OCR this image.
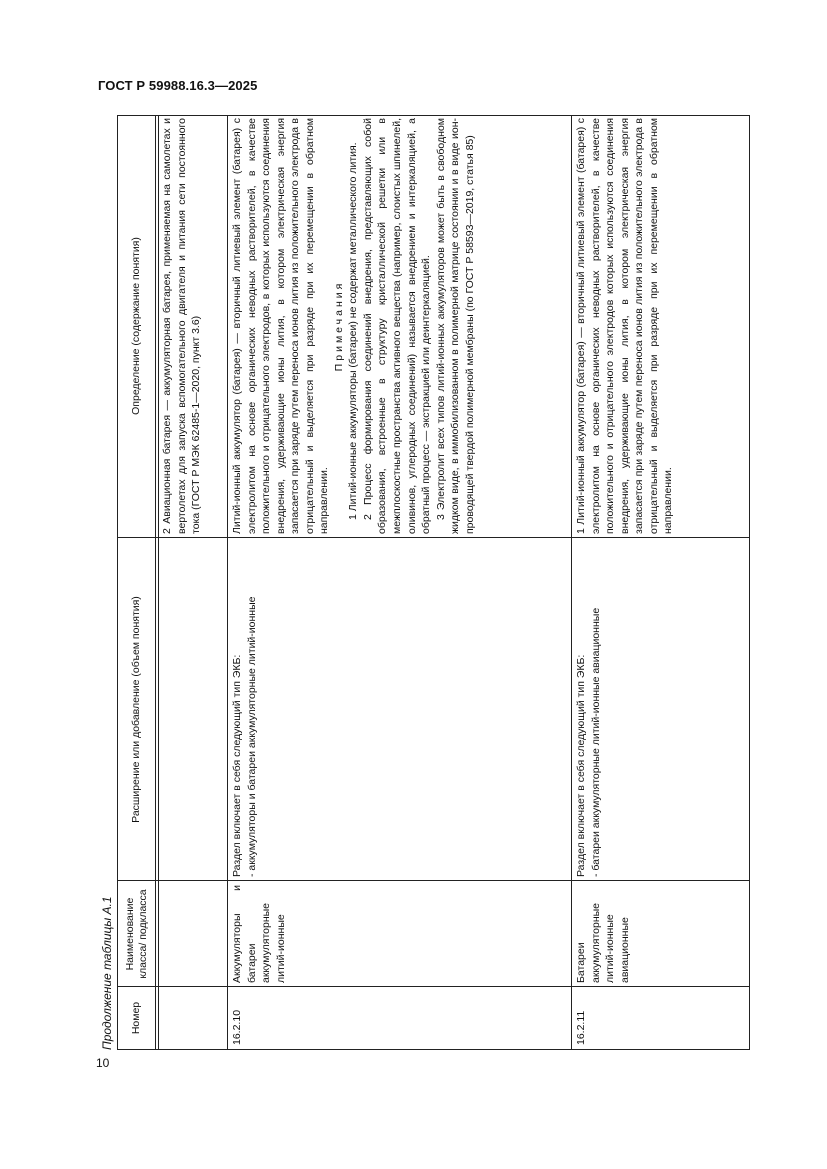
ГОСТ Р 59988.16.3—2025
Продолжение таблицы А.1	Номер
Наименование класса/ подкласса
Расширение или добавление (объем понятия)
Определение (содержание понятия)	2 Авиационная батарея — аккумуляторная батарея, применяемая на самолетах и вертолетах для запуска вспомогательного двигателя и питания сети постоянного тока (ГОСТ Р МЭК 62485-1—2020, пункт 3.6)

16.2.10
Аккумуляторы и батареи аккумуляторные литий-ионные

Раздел включает в себя следующий тип ЭКБ: - аккумуляторы и батареи аккумуляторные литий-ионные

Литий-ионный аккумулятор (батарея) — вторичный литиевый элемент (батарея) с электролитом на основе органических неводных растворителей, в качестве положительного и отрицательного электродов, в которых используются соединения внедрения, удерживающие ионы лития, в котором электрическая энергия запасается при заряде путем переноса ионов лития из положительного электрода в отрицательный и выделяется при разряде при их перемещении в обратном направлении.

Примечания 1 Литий-ионные аккумуляторы (батареи) не содержат металлического лития. 2 Процесс формирования соединений внедрения, представляющих собой образования, встроенные в структуру кристаллической решетки или в межплоскостные пространства активного вещества (например, слоистых шпинелей, оливинов, углеродных соединений) называется внедрением и интеркаляцией, а обратный процесс — экстракцией или деинтеркаляцией. 3 Электролит всех типов литий-ионных аккумуляторов может быть в свободном жидком виде, в иммобилизованном в полимерной матрице состоянии и в виде ион-проводящей твердой полимерной мембраны (по ГОСТ Р 58593—2019, статья 85)

16.2.11
Батареи аккумуляторные литий-ионные авиационные

Раздел включает в себя следующий тип ЭКБ: - батареи аккумуляторные литий-ионные авиационные

1 Литий-ионный аккумулятор (батарея) — вторичный литиевый элемент (батарея) с электролитом на основе органических неводных растворителей, в качестве положительного и отрицательного электродов которых используются соединения внедрения, удерживающие ионы лития, в котором электрическая энергия запасается при заряде путем переноса ионов лития из положительного электрода в отрицательный и выделяется при разряде при их перемещении в обратном направлении.

10
